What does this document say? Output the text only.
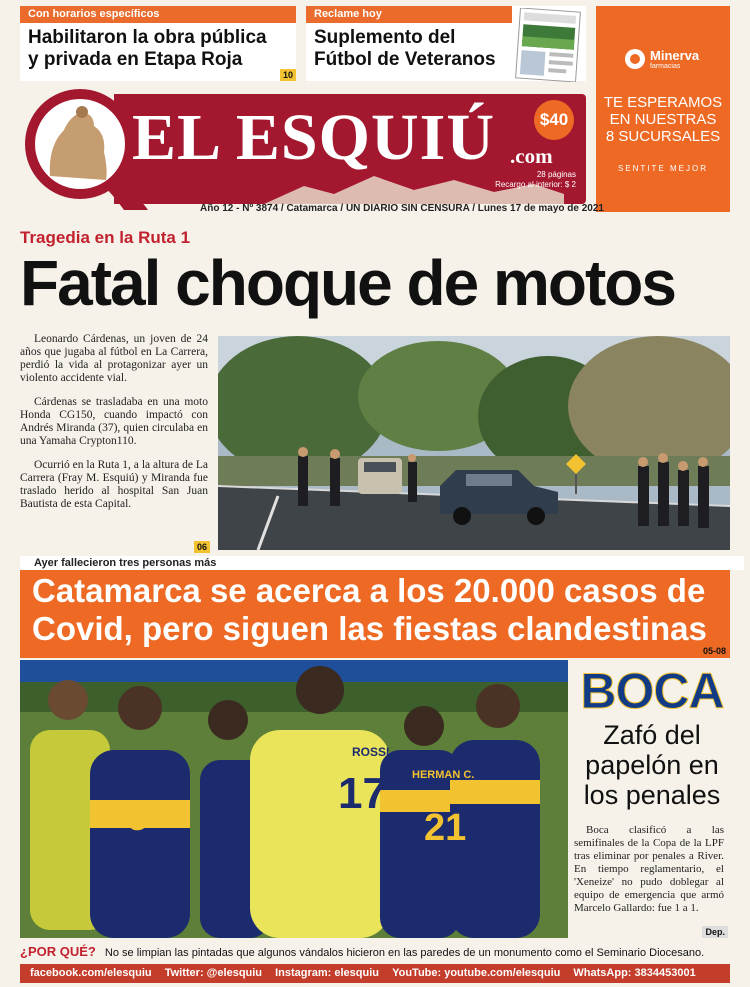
Con horarios específicos
Habilitaron la obra pública
y privada en Etapa Roja
10
Reclame hoy
Suplemento del
Fútbol de Veteranos	Minerva
farmacias
TE ESPERAMOS
EN NUESTRAS
8 SUCURSALES
SENTITE MEJOR
EL ESQUIÚ .com
$40
28 páginas
Recargo al interior: $ 2
Año 12 - Nº 3874 / Catamarca / UN DIARIO SIN CENSURA / Lunes 17 de mayo de 2021
Tragedia en la Ruta 1
Fatal choque de motos

Leonardo Cárdenas, un joven de 24 años que jugaba al fútbol en La Carrera, perdió la vida al protagonizar ayer un violento accidente vial.

Cárdenas se trasladaba en una moto Honda CG150, cuando impactó con Andrés Miranda (37), quien circulaba en una Yamaha Crypton110.

Ocurrió en la Ruta 1, a la altura de La Carrera (Fray M. Esquiú) y Miranda fue traslado herido al hospital San Juan Bautista de esta Capital.

06
Ayer fallecieron tres personas más
Catamarca se acerca a los 20.000 casos de Covid, pero siguen las fiestas clandestinas
05-08
ROSSI
17
8
HERMAN C.
21
BOCA
Zafó del papelón en los penales
Boca clasificó a las semifinales de la Copa de la LPF tras eliminar por penales a River. En tiempo reglamentario, el 'Xeneize' no pudo doblegar al equipo de emergencia que armó Marcelo Gallardo: fue 1 a 1.
Dep.
¿POR QUÉ? No se limpian las pintadas que algunos vándalos hicieron en las paredes de un monumento como el Seminario Diocesano.
facebook.com/elesquiu Twitter: @elesquiu Instagram: elesquiu YouTube: youtube.com/elesquiu WhatsApp: 3834453001
